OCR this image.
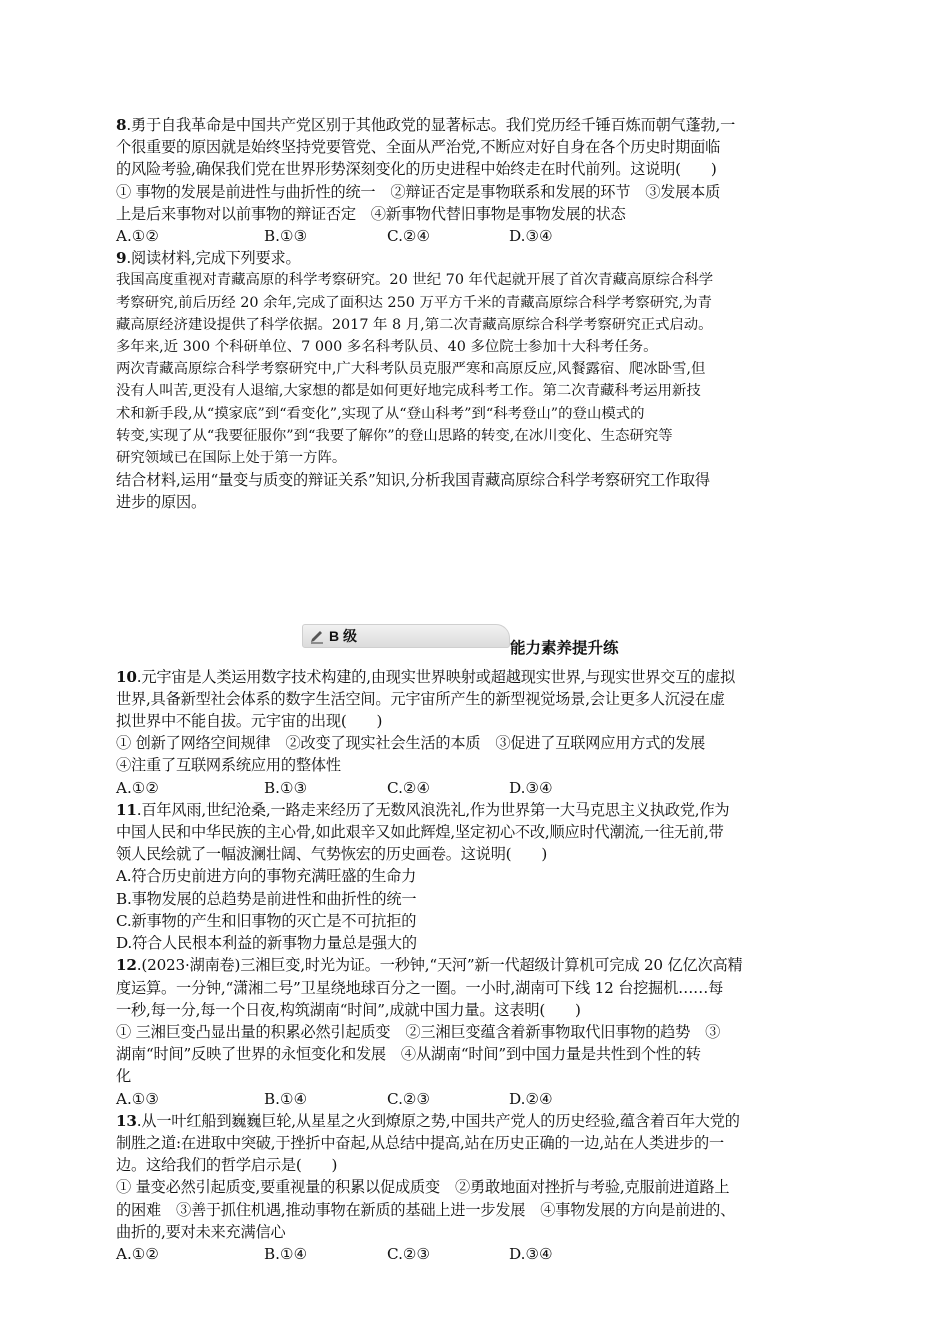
8.勇于自我革命是中国共产党区别于其他政党的显著标志。我们党历经千锤百炼而朝气蓬勃,一
个很重要的原因就是始终坚持党要管党、全面从严治党,不断应对好自身在各个历史时期面临
的风险考验,确保我们党在世界形势深刻变化的历史进程中始终走在时代前列。这说明(　　)
① 事物的发展是前进性与曲折性的统一　②辩证否定是事物联系和发展的环节　③发展本质
上是后来事物对以前事物的辩证否定　④新事物代替旧事物是事物发展的状态
A.①②	B.①③	C.②④	D.③④
9.阅读材料,完成下列要求。
我国高度重视对青藏高原的科学考察研究。20 世纪 70 年代起就开展了首次青藏高原综合科学
考察研究,前后历经 20 余年,完成了面积达 250 万平方千米的青藏高原综合科学考察研究,为青
藏高原经济建设提供了科学依据。2017 年 8 月,第二次青藏高原综合科学考察研究正式启动。
多年来,近 300 个科研单位、7 000 多名科考队员、40 多位院士参加十大科考任务。
两次青藏高原综合科学考察研究中,广大科考队员克服严寒和高原反应,风餐露宿、爬冰卧雪,但
没有人叫苦,更没有人退缩,大家想的都是如何更好地完成科考工作。第二次青藏科考运用新技
术和新手段,从“摸家底”到“看变化”,实现了从“登山科考”到“科考登山”的登山模式的
转变,实现了从“我要征服你”到“我要了解你”的登山思路的转变,在冰川变化、生态研究等
研究领域已在国际上处于第一方阵。
结合材料,运用“量变与质变的辩证关系”知识,分析我国青藏高原综合科学考察研究工作取得
进步的原因。
B 级
能力素养提升练
10.元宇宙是人类运用数字技术构建的,由现实世界映射或超越现实世界,与现实世界交互的虚拟
世界,具备新型社会体系的数字生活空间。元宇宙所产生的新型视觉场景,会让更多人沉浸在虚
拟世界中不能自拔。元宇宙的出现(　　)
① 创新了网络空间规律　②改变了现实社会生活的本质　③促进了互联网应用方式的发展
④注重了互联网系统应用的整体性
A.①②	B.①③	C.②④	D.③④
11.百年风雨,世纪沧桑,一路走来经历了无数风浪洗礼,作为世界第一大马克思主义执政党,作为
中国人民和中华民族的主心骨,如此艰辛又如此辉煌,坚定初心不改,顺应时代潮流,一往无前,带
领人民绘就了一幅波澜壮阔、气势恢宏的历史画卷。这说明(　　)
A.符合历史前进方向的事物充满旺盛的生命力
B.事物发展的总趋势是前进性和曲折性的统一
C.新事物的产生和旧事物的灭亡是不可抗拒的
D.符合人民根本利益的新事物力量总是强大的
12.(2023·湖南卷)三湘巨变,时光为证。一秒钟,“天河”新一代超级计算机可完成 20 亿亿次高精
度运算。一分钟,“潇湘二号”卫星绕地球百分之一圈。一小时,湖南可下线 12 台挖掘机……每
一秒,每一分,每一个日夜,构筑湖南“时间”,成就中国力量。这表明(　　)
① 三湘巨变凸显出量的积累必然引起质变　②三湘巨变蕴含着新事物取代旧事物的趋势　③
湖南“时间”反映了世界的永恒变化和发展　④从湖南“时间”到中国力量是共性到个性的转
化
A.①③	B.①④	C.②③	D.②④
13.从一叶红船到巍巍巨轮,从星星之火到燎原之势,中国共产党人的历史经验,蕴含着百年大党的
制胜之道:在进取中突破,于挫折中奋起,从总结中提高,站在历史正确的一边,站在人类进步的一
边。这给我们的哲学启示是(　　)
① 量变必然引起质变,要重视量的积累以促成质变　②勇敢地面对挫折与考验,克服前进道路上
的困难　③善于抓住机遇,推动事物在新质的基础上进一步发展　④事物发展的方向是前进的、
曲折的,要对未来充满信心
A.①②	B.①④	C.②③	D.③④
